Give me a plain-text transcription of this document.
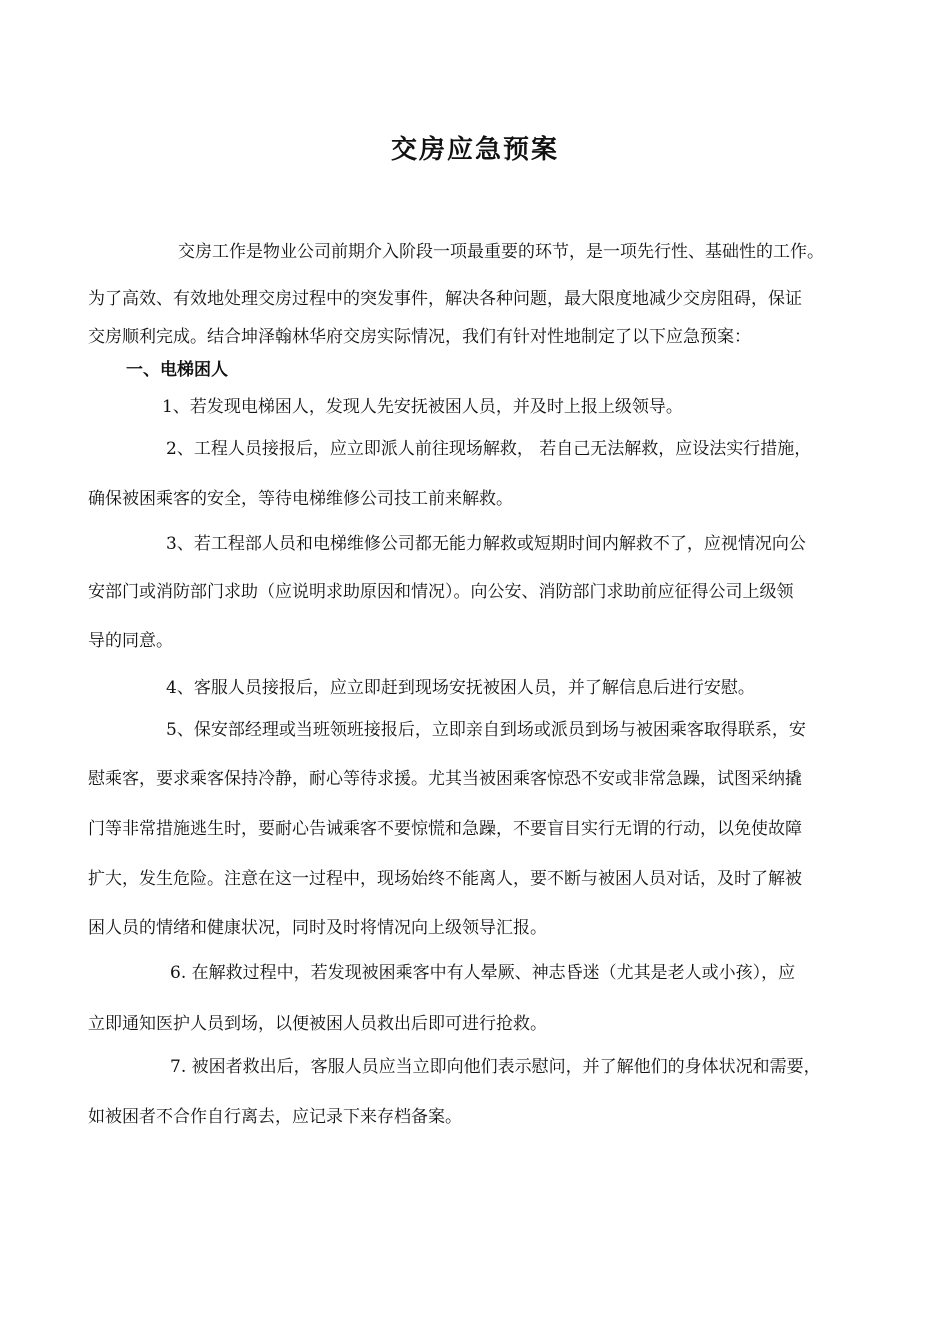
交房应急预案
交房工作是物业公司前期介入阶段一项最重要的环节，是一项先行性、基础性的工作。
为了高效、有效地处理交房过程中的突发事件，解决各种问题，最大限度地减少交房阻碍，保证
交房顺利完成。结合坤泽翰林华府交房实际情况，我们有针对性地制定了以下应急预案：
一、电梯困人
1、若发现电梯困人，发现人先安抚被困人员，并及时上报上级领导。
2、工程人员接报后，应立即派人前往现场解救， 若自己无法解救，应设法实行措施，
确保被困乘客的安全，等待电梯维修公司技工前来解救。
3、若工程部人员和电梯维修公司都无能力解救或短期时间内解救不了，应视情况向公
安部门或消防部门求助（应说明求助原因和情况）。向公安、消防部门求助前应征得公司上级领
导的同意。
4、客服人员接报后，应立即赶到现场安抚被困人员，并了解信息后进行安慰。
5、保安部经理或当班领班接报后，立即亲自到场或派员到场与被困乘客取得联系，安
慰乘客，要求乘客保持冷静，耐心等待求援。尤其当被困乘客惊恐不安或非常急躁，试图采纳撬
门等非常措施逃生时，要耐心告诫乘客不要惊慌和急躁，不要盲目实行无谓的行动，以免使故障
扩大，发生危险。注意在这一过程中，现场始终不能离人，要不断与被困人员对话，及时了解被
困人员的情绪和健康状况，同时及时将情况向上级领导汇报。
6. 在解救过程中，若发现被困乘客中有人晕厥、神志昏迷（尤其是老人或小孩），应
立即通知医护人员到场，以便被困人员救出后即可进行抢救。
7. 被困者救出后，客服人员应当立即向他们表示慰问，并了解他们的身体状况和需要，
如被困者不合作自行离去，应记录下来存档备案。
